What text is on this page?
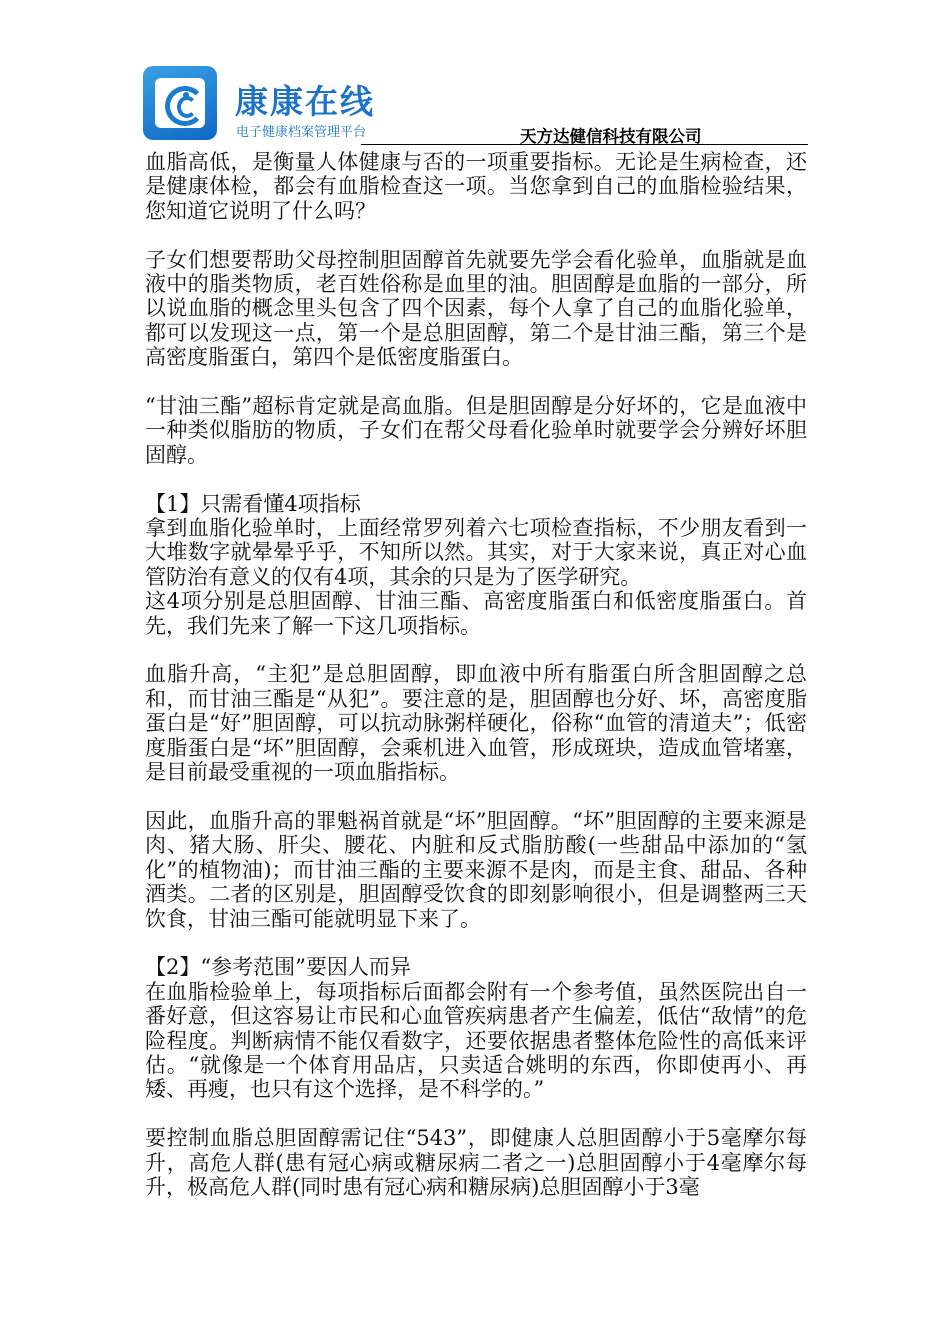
康康在线
电子健康档案管理平台	天方达健信科技有限公司

血脂高低，是衡量人体健康与否的一项重要指标。无论是生病检查，还是健康体检，都会有血脂检查这一项。当您拿到自己的血脂检验结果，您知道它说明了什么吗？

子女们想要帮助父母控制胆固醇首先就要先学会看化验单，血脂就是血液中的脂类物质，老百姓俗称是血里的油。胆固醇是血脂的一部分，所以说血脂的概念里头包含了四个因素，每个人拿了自己的血脂化验单，都可以发现这一点，第一个是总胆固醇，第二个是甘油三酯，第三个是高密度脂蛋白，第四个是低密度脂蛋白。

“甘油三酯”超标肯定就是高血脂。但是胆固醇是分好坏的，它是血液中一种类似脂肪的物质，子女们在帮父母看化验单时就要学会分辨好坏胆固醇。

【1】只需看懂4项指标

拿到血脂化验单时，上面经常罗列着六七项检查指标，不少朋友看到一大堆数字就晕晕乎乎，不知所以然。其实，对于大家来说，真正对心血管防治有意义的仅有4项，其余的只是为了医学研究。

这4项分别是总胆固醇、甘油三酯、高密度脂蛋白和低密度脂蛋白。首先，我们先来了解一下这几项指标。

血脂升高，“主犯”是总胆固醇，即血液中所有脂蛋白所含胆固醇之总和，而甘油三酯是“从犯”。要注意的是，胆固醇也分好、坏，高密度脂蛋白是“好”胆固醇，可以抗动脉粥样硬化，俗称“血管的清道夫”；低密度脂蛋白是“坏”胆固醇，会乘机进入血管，形成斑块，造成血管堵塞，是目前最受重视的一项血脂指标。

因此，血脂升高的罪魁祸首就是“坏”胆固醇。“坏”胆固醇的主要来源是肉、猪大肠、肝尖、腰花、内脏和反式脂肪酸(一些甜品中添加的“氢化”的植物油)；而甘油三酯的主要来源不是肉，而是主食、甜品、各种酒类。二者的区别是，胆固醇受饮食的即刻影响很小，但是调整两三天饮食，甘油三酯可能就明显下来了。

【2】“参考范围”要因人而异

在血脂检验单上，每项指标后面都会附有一个参考值，虽然医院出自一番好意，但这容易让市民和心血管疾病患者产生偏差，低估“敌情”的危险程度。判断病情不能仅看数字，还要依据患者整体危险性的高低来评估。“就像是一个体育用品店，只卖适合姚明的东西，你即使再小、再矮、再瘦，也只有这个选择，是不科学的。”

要控制血脂总胆固醇需记住“543”，即健康人总胆固醇小于5毫摩尔每升，高危人群(患有冠心病或糖尿病二者之一)总胆固醇小于4毫摩尔每升，极高危人群(同时患有冠心病和糖尿病)总胆固醇小于3毫
